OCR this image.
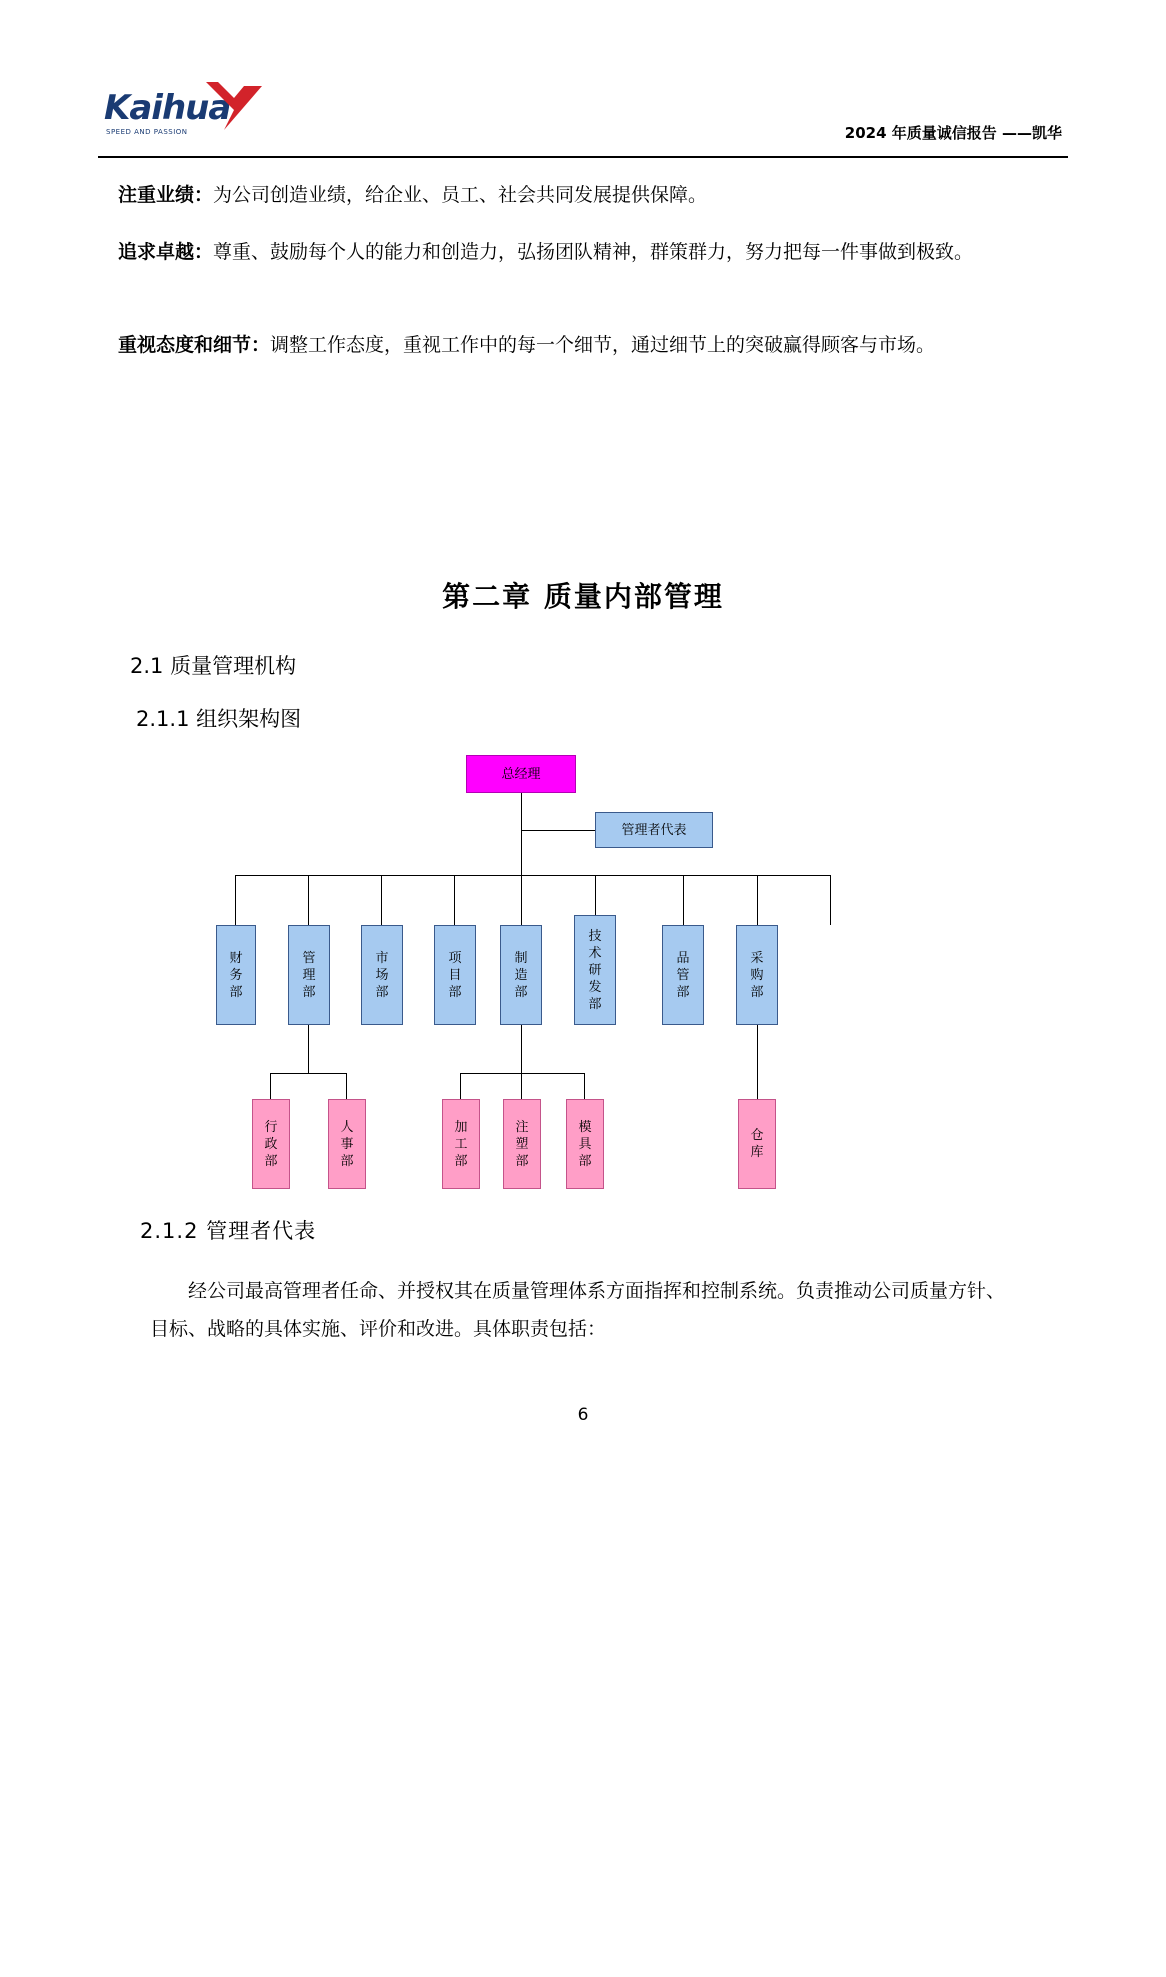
Kaihua
SPEED AND PASSION	2024 年质量诚信报告 ——凯华
注重业绩：为公司创造业绩，给企业、员工、社会共同发展提供保障。
追求卓越：尊重、鼓励每个人的能力和创造力，弘扬团队精神，群策群力，努力把每一件事做到极致。
重视态度和细节：调整工作态度，重视工作中的每一个细节，通过细节上的突破赢得顾客与市场。
第二章 质量内部管理
2.1 质量管理机构
2.1.1 组织架构图
总经理
管理者代表
财务部
管理部
市场部
项目部
制造部
技术研发部
品管部
采购部
行政部
人事部
加工部
注塑部
模具部
仓库
2.1.2 管理者代表
经公司最高管理者任命、并授权其在质量管理体系方面指挥和控制系统。负责推动公司质量方针、目标、战略的具体实施、评价和改进。具体职责包括：
6
